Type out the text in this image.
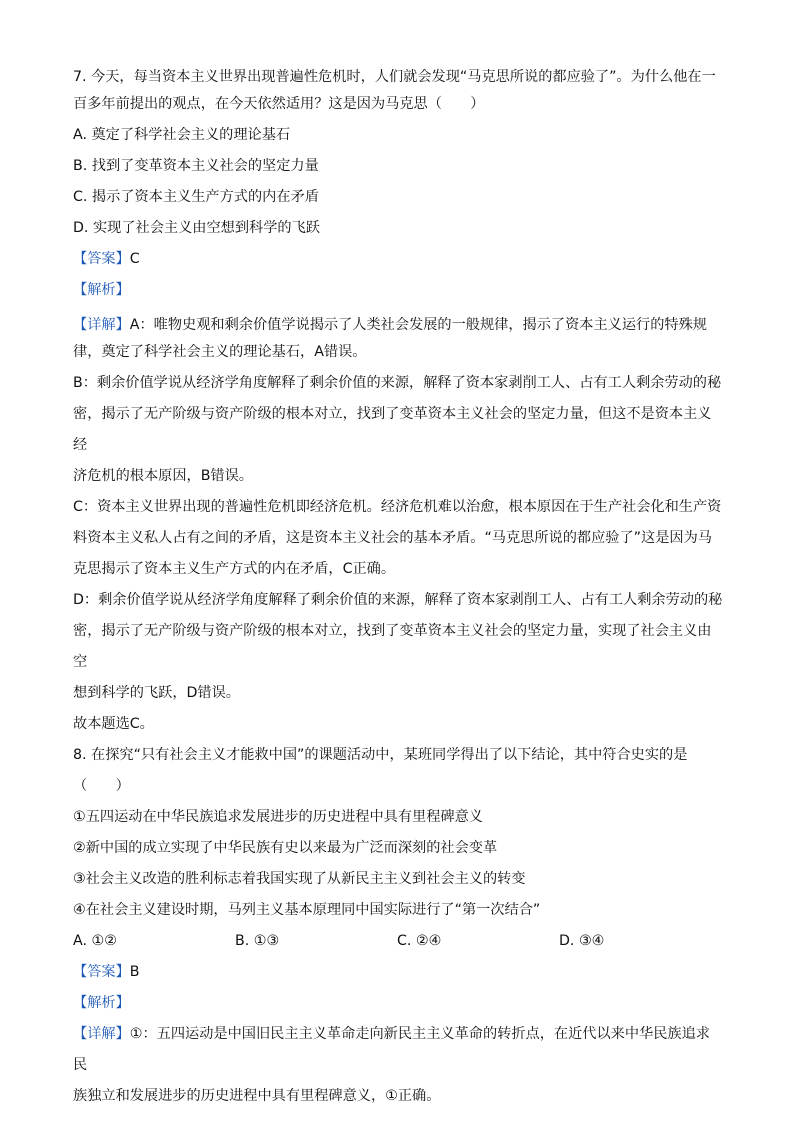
7. 今天，每当资本主义世界出现普遍性危机时，人们就会发现“马克思所说的都应验了”。为什么他在一

百多年前提出的观点，在今天依然适用？这是因为马克思（　　）

A. 奠定了科学社会主义的理论基石

B. 找到了变革资本主义社会的坚定力量

C. 揭示了资本主义生产方式的内在矛盾

D. 实现了社会主义由空想到科学的飞跃

【答案】C

【解析】

【详解】A：唯物史观和剩余价值学说揭示了人类社会发展的一般规律，揭示了资本主义运行的特殊规

律，奠定了科学社会主义的理论基石，A错误。

B：剩余价值学说从经济学角度解释了剩余价值的来源，解释了资本家剥削工人、占有工人剩余劳动的秘

密，揭示了无产阶级与资产阶级的根本对立，找到了变革资本主义社会的坚定力量，但这不是资本主义经

济危机的根本原因，B错误。

C：资本主义世界出现的普遍性危机即经济危机。经济危机难以治愈，根本原因在于生产社会化和生产资

料资本主义私人占有之间的矛盾，这是资本主义社会的基本矛盾。“马克思所说的都应验了”这是因为马

克思揭示了资本主义生产方式的内在矛盾，C正确。

D：剩余价值学说从经济学角度解释了剩余价值的来源，解释了资本家剥削工人、占有工人剩余劳动的秘

密，揭示了无产阶级与资产阶级的根本对立，找到了变革资本主义社会的坚定力量，实现了社会主义由空

想到科学的飞跃，D错误。

故本题选C。

8. 在探究“只有社会主义才能救中国”的课题活动中，某班同学得出了以下结论，其中符合史实的是

（　　）

①五四运动在中华民族追求发展进步的历史进程中具有里程碑意义

②新中国的成立实现了中华民族有史以来最为广泛而深刻的社会变革

③社会主义改造的胜利标志着我国实现了从新民主主义到社会主义的转变

④在社会主义建设时期，马列主义基本原理同中国实际进行了“第一次结合”

A. ①②	B. ①③	C. ②④	D. ③④

【答案】B

【解析】

【详解】①：五四运动是中国旧民主主义革命走向新民主主义革命的转折点，在近代以来中华民族追求民

族独立和发展进步的历史进程中具有里程碑意义，①正确。
